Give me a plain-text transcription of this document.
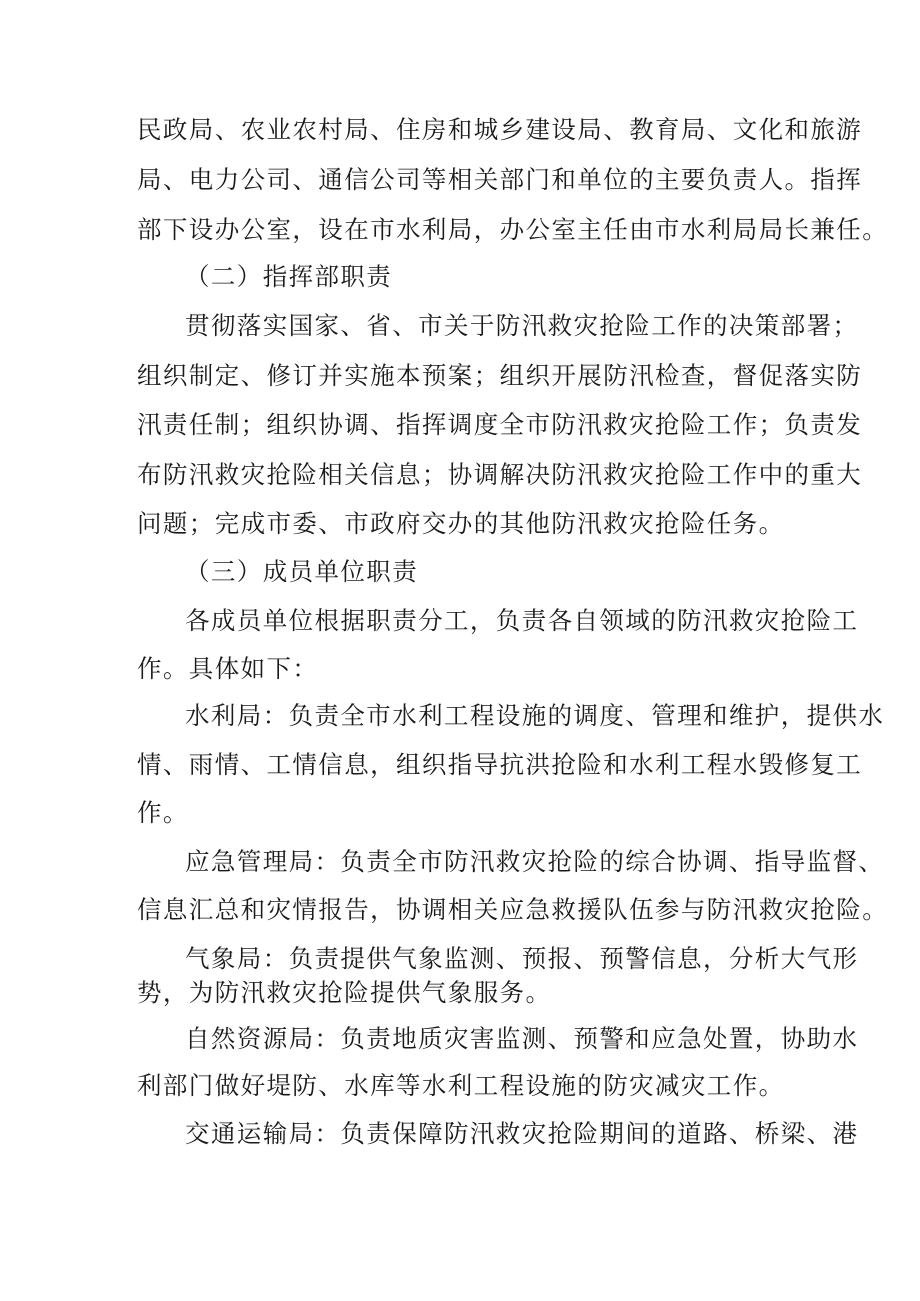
民政局、农业农村局、住房和城乡建设局、教育局、文化和旅游
局、电力公司、通信公司等相关部门和单位的主要负责人。指挥
部下设办公室，设在市水利局，办公室主任由市水利局局长兼任。
（二）指挥部职责
贯彻落实国家、省、市关于防汛救灾抢险工作的决策部署；
组织制定、修订并实施本预案；组织开展防汛检查，督促落实防
汛责任制；组织协调、指挥调度全市防汛救灾抢险工作；负责发
布防汛救灾抢险相关信息；协调解决防汛救灾抢险工作中的重大
问题；完成市委、市政府交办的其他防汛救灾抢险任务。
（三）成员单位职责
各成员单位根据职责分工，负责各自领域的防汛救灾抢险工
作。具体如下：
水利局：负责全市水利工程设施的调度、管理和维护，提供水
情、雨情、工情信息，组织指导抗洪抢险和水利工程水毁修复工
作。
应急管理局：负责全市防汛救灾抢险的综合协调、指导监督、
信息汇总和灾情报告，协调相关应急救援队伍参与防汛救灾抢险。
气象局：负责提供气象监测、预报、预警信息，分析大气形
势，为防汛救灾抢险提供气象服务。
自然资源局：负责地质灾害监测、预警和应急处置，协助水
利部门做好堤防、水库等水利工程设施的防灾减灾工作。
交通运输局：负责保障防汛救灾抢险期间的道路、桥梁、港
